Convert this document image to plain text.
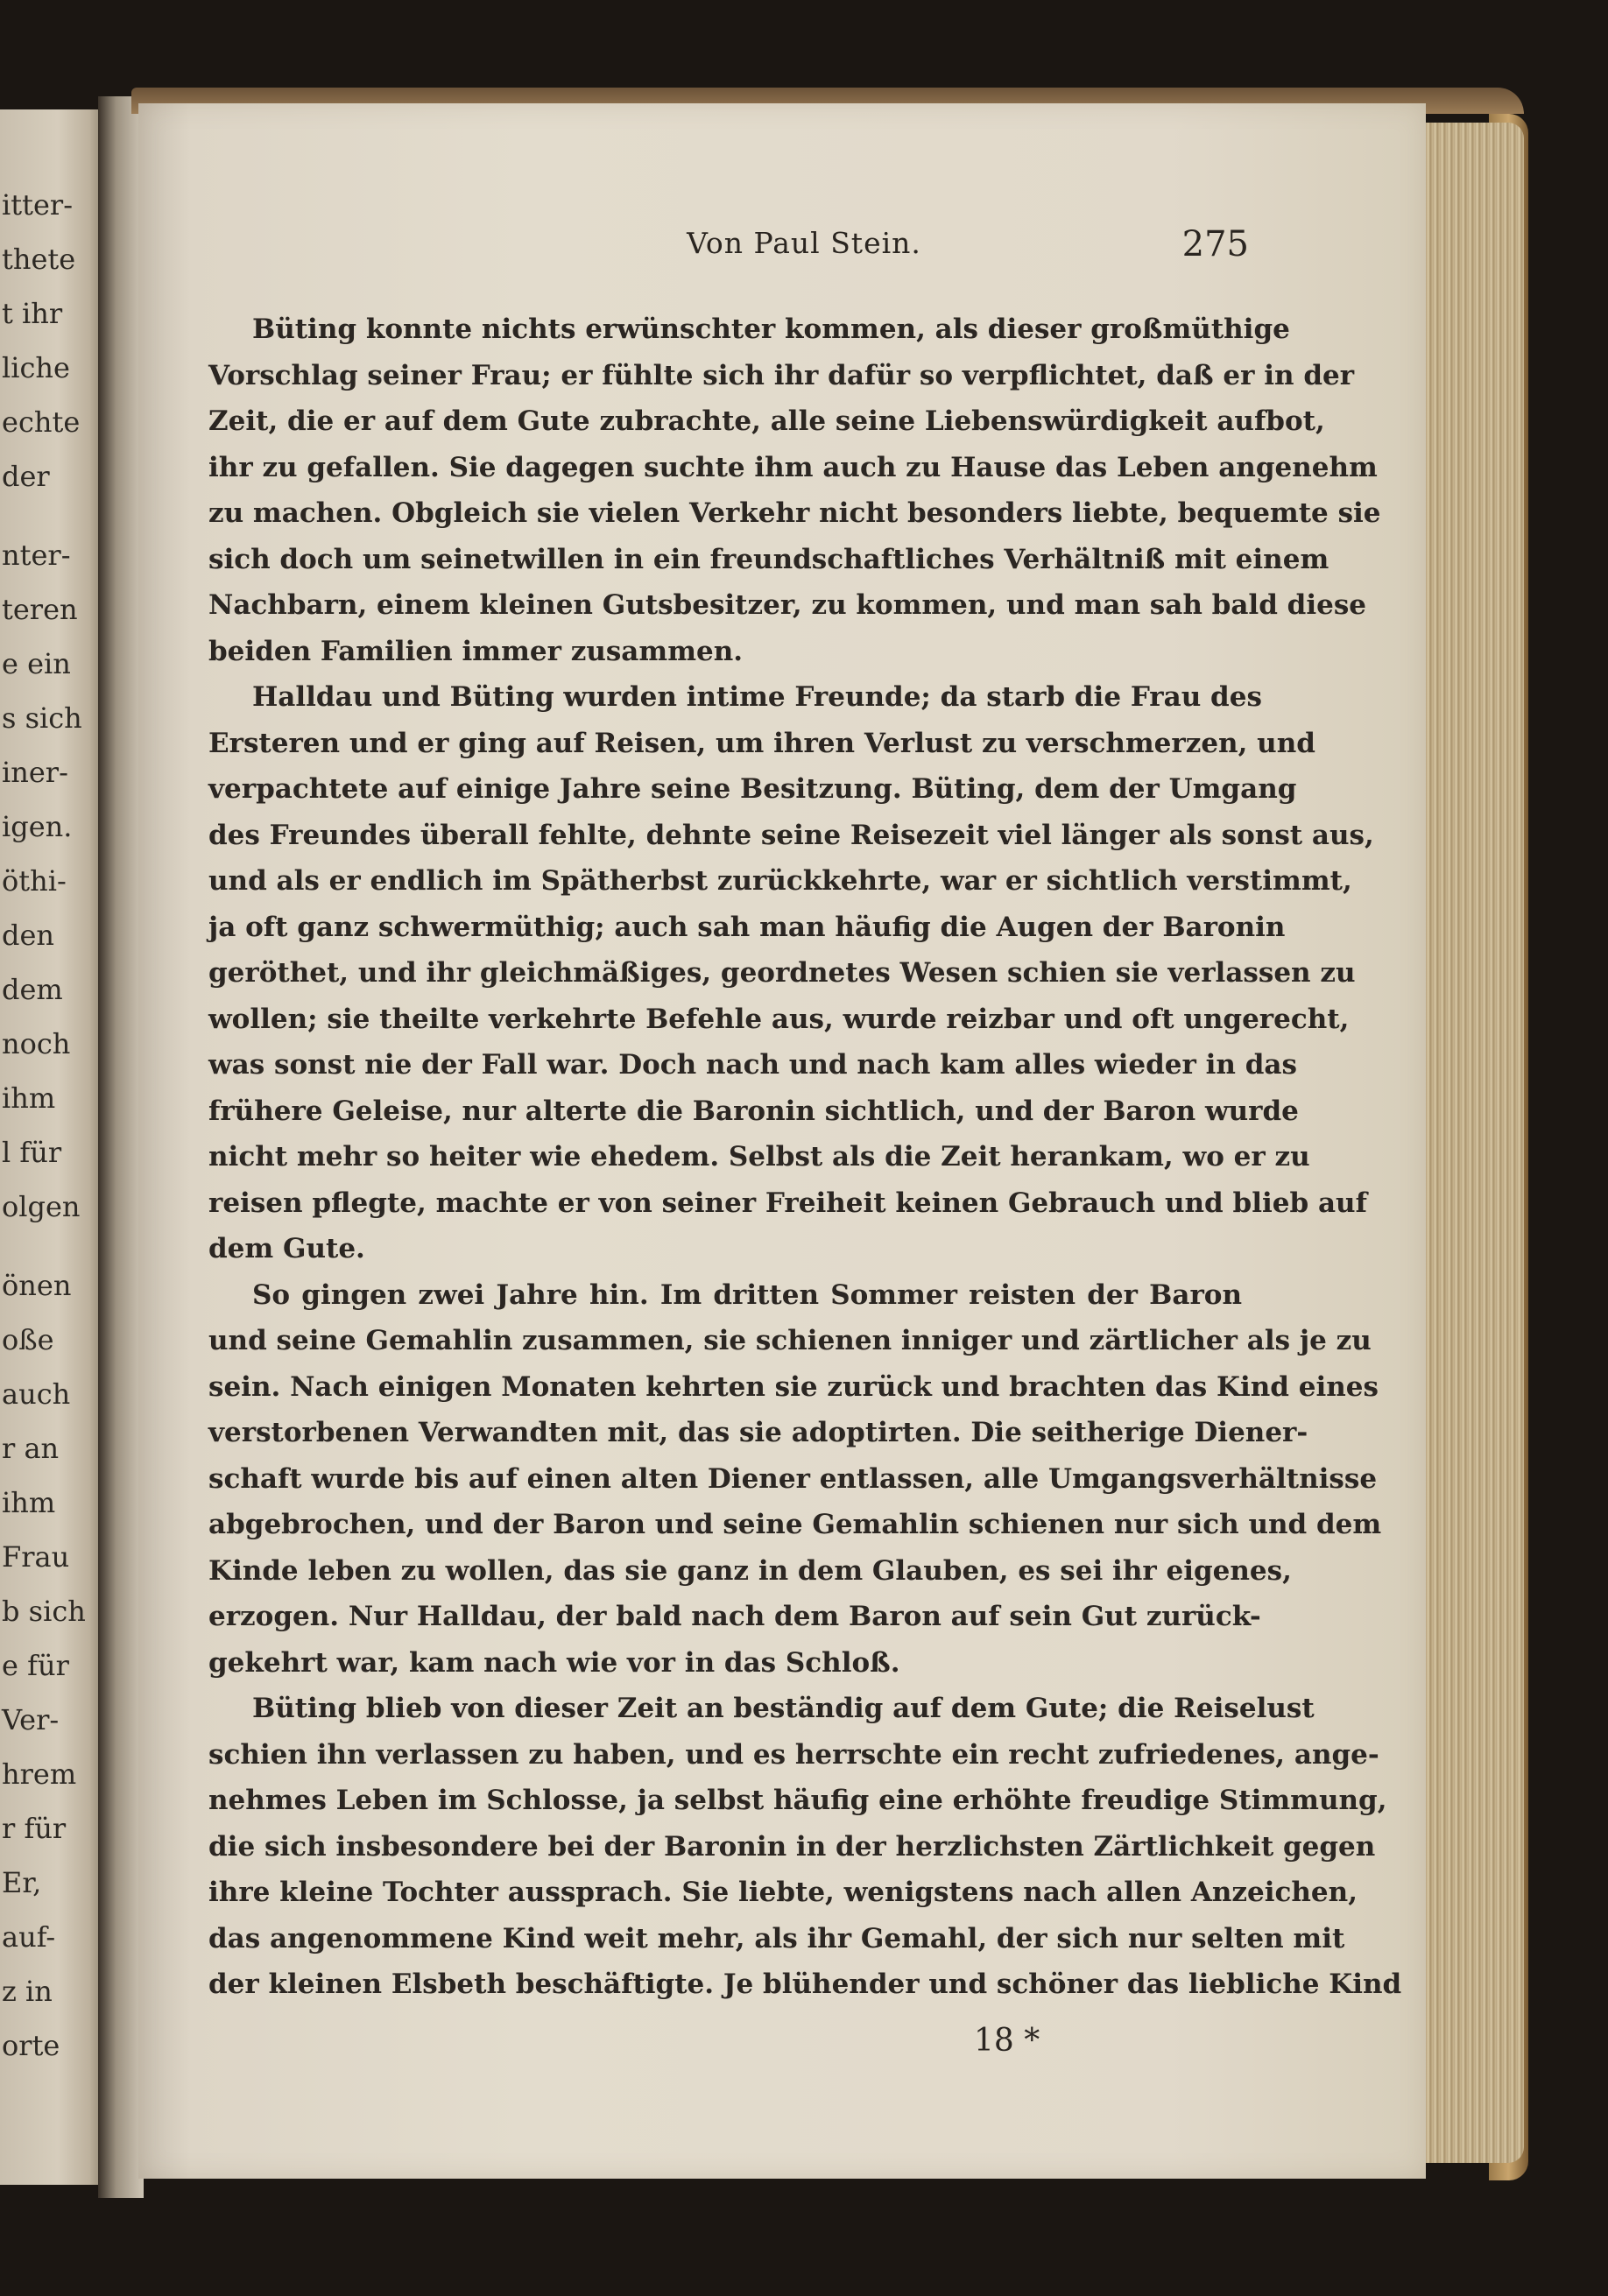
itter-
thete
t ihr
liche
echte
der
nter-
teren
e ein
s sich
iner-
igen.
öthi-
den
dem
noch
ihm
l für
olgen
önen
oße
auch
r an
ihm
Frau
b sich
e für
Ver-
hrem
r für
Er,
auf-
z in
orte
Von Paul Stein.	275
Büting konnte nichts erwünschter kommen, als dieser großmüthige
Vorschlag seiner Frau; er fühlte sich ihr dafür so verpflichtet, daß er in der
Zeit, die er auf dem Gute zubrachte, alle seine Liebenswürdigkeit aufbot,
ihr zu gefallen. Sie dagegen suchte ihm auch zu Hause das Leben angenehm
zu machen. Obgleich sie vielen Verkehr nicht besonders liebte, bequemte sie
sich doch um seinetwillen in ein freundschaftliches Verhältniß mit einem
Nachbarn, einem kleinen Gutsbesitzer, zu kommen, und man sah bald diese
beiden Familien immer zusammen.
Halldau und Büting wurden intime Freunde; da starb die Frau des
Ersteren und er ging auf Reisen, um ihren Verlust zu verschmerzen, und
verpachtete auf einige Jahre seine Besitzung. Büting, dem der Umgang
des Freundes überall fehlte, dehnte seine Reisezeit viel länger als sonst aus,
und als er endlich im Spätherbst zurückkehrte, war er sichtlich verstimmt,
ja oft ganz schwermüthig; auch sah man häufig die Augen der Baronin
geröthet, und ihr gleichmäßiges, geordnetes Wesen schien sie verlassen zu
wollen; sie theilte verkehrte Befehle aus, wurde reizbar und oft ungerecht,
was sonst nie der Fall war. Doch nach und nach kam alles wieder in das
frühere Geleise, nur alterte die Baronin sichtlich, und der Baron wurde
nicht mehr so heiter wie ehedem. Selbst als die Zeit herankam, wo er zu
reisen pflegte, machte er von seiner Freiheit keinen Gebrauch und blieb auf
dem Gute.
So gingen zwei Jahre hin. Im dritten Sommer reisten der Baron
und seine Gemahlin zusammen, sie schienen inniger und zärtlicher als je zu
sein. Nach einigen Monaten kehrten sie zurück und brachten das Kind eines
verstorbenen Verwandten mit, das sie adoptirten. Die seitherige Diener-
schaft wurde bis auf einen alten Diener entlassen, alle Umgangsverhältnisse
abgebrochen, und der Baron und seine Gemahlin schienen nur sich und dem
Kinde leben zu wollen, das sie ganz in dem Glauben, es sei ihr eigenes,
erzogen. Nur Halldau, der bald nach dem Baron auf sein Gut zurück-
gekehrt war, kam nach wie vor in das Schloß.
Büting blieb von dieser Zeit an beständig auf dem Gute; die Reiselust
schien ihn verlassen zu haben, und es herrschte ein recht zufriedenes, ange-
nehmes Leben im Schlosse, ja selbst häufig eine erhöhte freudige Stimmung,
die sich insbesondere bei der Baronin in der herzlichsten Zärtlichkeit gegen
ihre kleine Tochter aussprach. Sie liebte, wenigstens nach allen Anzeichen,
das angenommene Kind weit mehr, als ihr Gemahl, der sich nur selten mit
der kleinen Elsbeth beschäftigte. Je blühender und schöner das liebliche Kind
18 *
